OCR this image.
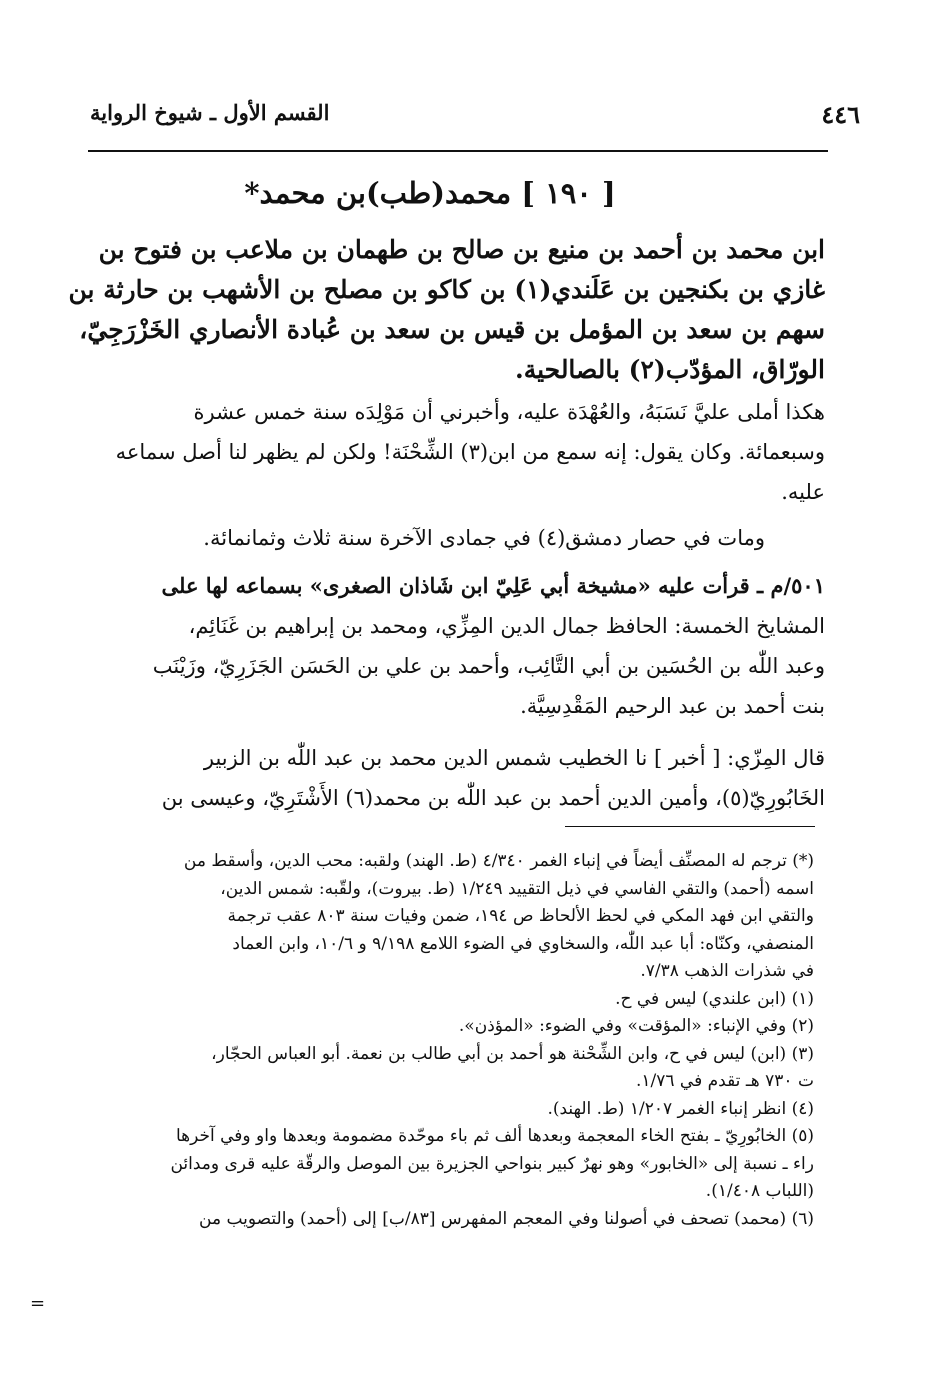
القسم الأول ـ شيوخ الرواية	٤٤٦
[ ١٩٠ ] محمد(طب)بن محمد*
ابن محمد بن أحمد بن منيع بن صالح بن طهمان بن ملاعب بن فتوح بن
غازي بن بكنجين بن عَلَندي(١) بن كاكو بن مصلح بن الأشهب بن حارثة بن
سهم بن سعد بن المؤمل بن قيس بن سعد بن عُبادة الأنصاري الخَزْرَجِيّ،
الورّاق، المؤدّب(٢) بالصالحية.
هكذا أملى عليَّ نَسَبَهُ، والعُهْدَة عليه، وأخبرني أن مَوْلِدَه سنة خمس عشرة
وسبعمائة. وكان يقول: إنه سمع من ابن(٣) الشِّحْنَة! ولكن لم يظهر لنا أصل سماعه
عليه.
ومات في حصار دمشق(٤) في جمادى الآخرة سنة ثلاث وثمانمائة.
٥٠١/م ـ قرأت عليه «مشيخة أبي عَلِيّ ابن شَاذان الصغرى» بسماعه لها على
المشايخ الخمسة: الحافظ جمال الدين المِزِّي، ومحمد بن إبراهيم بن غَنَائِم،
وعبد اللّٰه بن الحُسَين بن أبي التَّائِب، وأحمد بن علي بن الحَسَن الجَزَرِيّ، وزَيْنَب
بنت أحمد بن عبد الرحيم المَقْدِسِيَّة.
قال المِزّي: [ أخبر ] نا الخطيب شمس الدين محمد بن عبد اللّٰه بن الزبير
الخَابُورِيّ(٥)، وأمين الدين أحمد بن عبد اللّٰه بن محمد(٦) الأَشْتَرِيّ، وعيسى بن
(*) ترجم له المصنِّف أيضاً في إنباء الغمر ٤/٣٤٠ (ط. الهند) ولقبه: محب الدين، وأسقط من
اسمه (أحمد) والتقي الفاسي في ذيل التقييد ١/٢٤٩ (ط. بيروت)، ولقّبه: شمس الدين،
والتقي ابن فهد المكي في لحظ الألحاظ ص ١٩٤، ضمن وفيات سنة ٨٠٣ عقب ترجمة
المنصفي، وكنّاه: أبا عبد اللّٰه، والسخاوي في الضوء اللامع ٩/١٩٨ و ١٠/٦، وابن العماد
في شذرات الذهب ٧/٣٨.
(١) (ابن علندي) ليس في ح.
(٢) وفي الإنباء: «المؤقت» وفي الضوء: «المؤذن».
(٣) (ابن) ليس في ح، وابن الشِّحْنة هو أحمد بن أبي طالب بن نعمة. أبو العباس الحجّار،
ت ٧٣٠ هـ تقدم في ١/٧٦.
(٤) انظر إنباء الغمر ١/٢٠٧ (ط. الهند).
(٥) الخابُورِيّ ـ بفتح الخاء المعجمة وبعدها ألف ثم باء موحّدة مضمومة وبعدها واو وفي آخرها
راء ـ نسبة إلى «الخابور» وهو نهرٌ كبير بنواحي الجزيرة بين الموصل والرقّة عليه قرى ومدائن
(اللباب ١/٤٠٨).
(٦) (محمد) تصحف في أصولنا وفي المعجم المفهرس [٨٣/ب] إلى (أحمد) والتصويب من
=
